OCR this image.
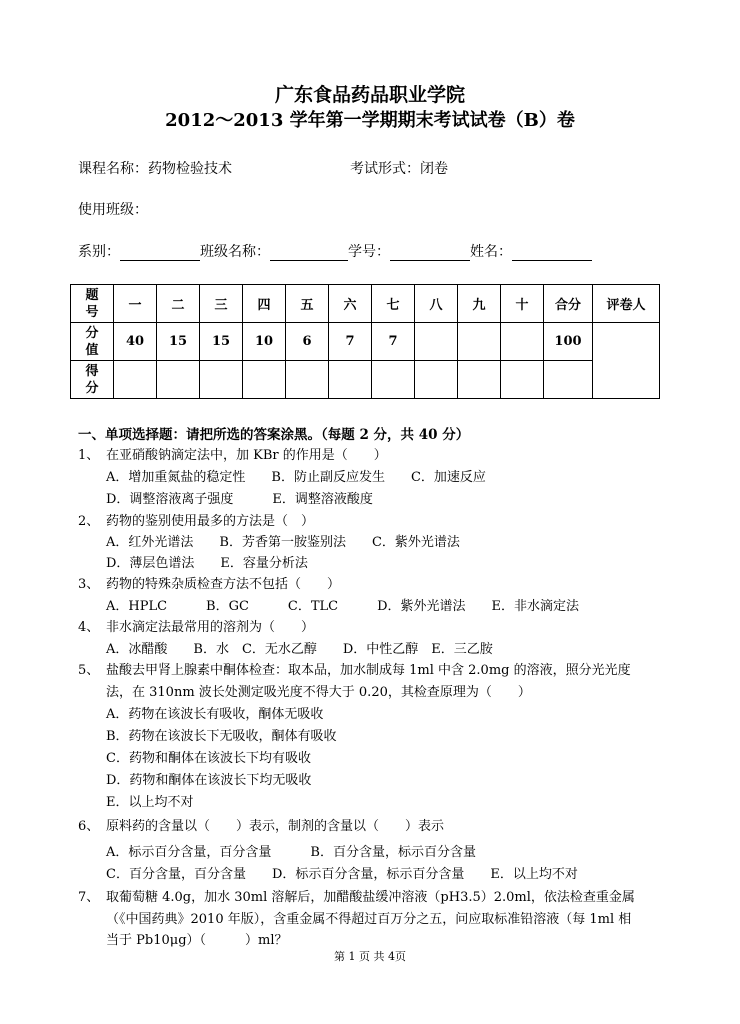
广东食品药品职业学院
2012～2013 学年第一学期期末考试试卷（B）卷
课程名称：药物检验技术	考试形式：闭卷
使用班级：
系别：	班级名称：	学号：	姓名：
题
号	一	二	三	四	五	六	七	八	九	十	合分	评卷人
分
值	40	15	15	10	6	7	7				100	
得
分												
一、单项选择题：请把所选的答案涂黑。（每题 2 分，共 40 分）
1、 在亚硝酸钠滴定法中，加 KBr 的作用是（　　）
A．增加重氮盐的稳定性　　B．防止副反应发生　　C．加速反应
D．调整溶液离子强度　　　E．调整溶液酸度
2、 药物的鉴别使用最多的方法是（　）
A．红外光谱法　　B．芳香第一胺鉴别法　　C．紫外光谱法
D．薄层色谱法　　E．容量分析法
3、 药物的特殊杂质检查方法不包括（　　）
A．HPLC　　　B．GC　　　C．TLC　　　D．紫外光谱法　　E．非水滴定法
4、 非水滴定法最常用的溶剂为（　　）
A．冰醋酸　　B．水　C．无水乙醇　　D．中性乙醇　E．三乙胺
5、 盐酸去甲肾上腺素中酮体检查：取本品，加水制成每 1ml 中含 2.0mg 的溶液，照分光光度
法，在 310nm 波长处测定吸光度不得大于 0.20，其检查原理为（　　）
A．药物在该波长有吸收，酮体无吸收
B．药物在该波长下无吸收，酮体有吸收
C．药物和酮体在该波长下均有吸收
D．药物和酮体在该波长下均无吸收
E．以上均不对
6、 原料药的含量以（　　）表示，制剂的含量以（　　）表示
A．标示百分含量，百分含量　　　B．百分含量，标示百分含量
C．百分含量，百分含量　　D．标示百分含量，标示百分含量　　E．以上均不对
7、 取葡萄糖 4.0g，加水 30ml 溶解后，加醋酸盐缓冲溶液（pH3.5）2.0ml，依法检查重金属
（《中国药典》2010 年版），含重金属不得超过百万分之五，问应取标准铅溶液（每 1ml 相
当于 Pb10μg）（　　　）ml？
第 1 页 共 4页
